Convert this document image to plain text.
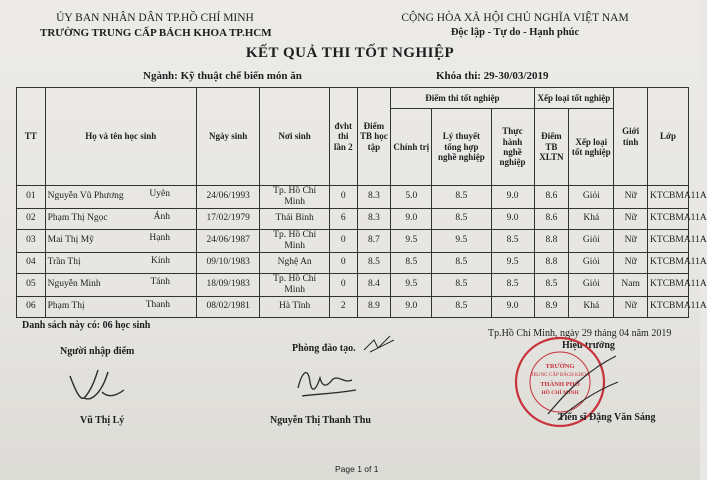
ỦY BAN NHÂN DÂN TP.HỒ CHÍ MINH
TRƯỜNG TRUNG CẤP BÁCH KHOA TP.HCM
CỘNG HÒA XÃ HỘI CHỦ NGHĨA VIỆT NAM
Độc lập - Tự do - Hạnh phúc
KẾT QUẢ THI TỐT NGHIỆP
Ngành: Kỹ thuật chế biến món ăn	Khóa thi: 29-30/03/2019
TT	Họ và tên học sinh	Ngày sinh	Nơi sinh	đvht thi lần 2	Điểm TB học tập	Điểm thi tốt nghiệp			Xếp loại tốt nghiệp		Giới tính	Lớp
						Chính trị	Lý thuyết tổng hợp nghề nghiệp	Thực hành nghề nghiệp	Điểm TB XLTN	Xếp loại tốt nghiệp		
01	Nguyễn Vũ Phương Uyên	24/06/1993	Tp. Hồ Chí Minh	0	8.3	5.0	8.5	9.0	8.6	Giỏi	Nữ	KTCBMA11A
02	Phạm Thị Ngọc Ánh	17/02/1979	Thái Bình	6	8.3	9.0	8.5	9.0	8.6	Khá	Nữ	KTCBMA11A
03	Mai Thị Mỹ Hạnh	24/06/1987	Tp. Hồ Chí Minh	0	8.7	9.5	9.5	8.5	8.8	Giỏi	Nữ	KTCBMA11A
04	Trần Thị Kính	09/10/1983	Nghệ An	0	8.5	8.5	8.5	9.5	8.8	Giỏi	Nữ	KTCBMA11A
05	Nguyễn Minh Tánh	18/09/1983	Tp. Hồ Chí Minh	0	8.4	9.5	8.5	8.5	8.5	Giỏi	Nam	KTCBMA11A
06	Phạm Thị Thanh	08/02/1981	Hà Tĩnh	2	8.9	9.0	8.5	9.0	8.9	Khá	Nữ	KTCBMA11A
Danh sách này có: 06 học sinh
Tp.Hồ Chí Minh, ngày 29 tháng 04 năm 2019
Người nhập điểm	Phòng đào tạo.	Hiệu trưởng
TRƯỜNG
TRUNG CẤP BÁCH KHOA
THÀNH PHỐ
HỒ CHÍ MINH
Vũ Thị Lý	Nguyễn Thị Thanh Thu	Tiến sĩ Đặng Văn Sáng
Page 1 of 1
